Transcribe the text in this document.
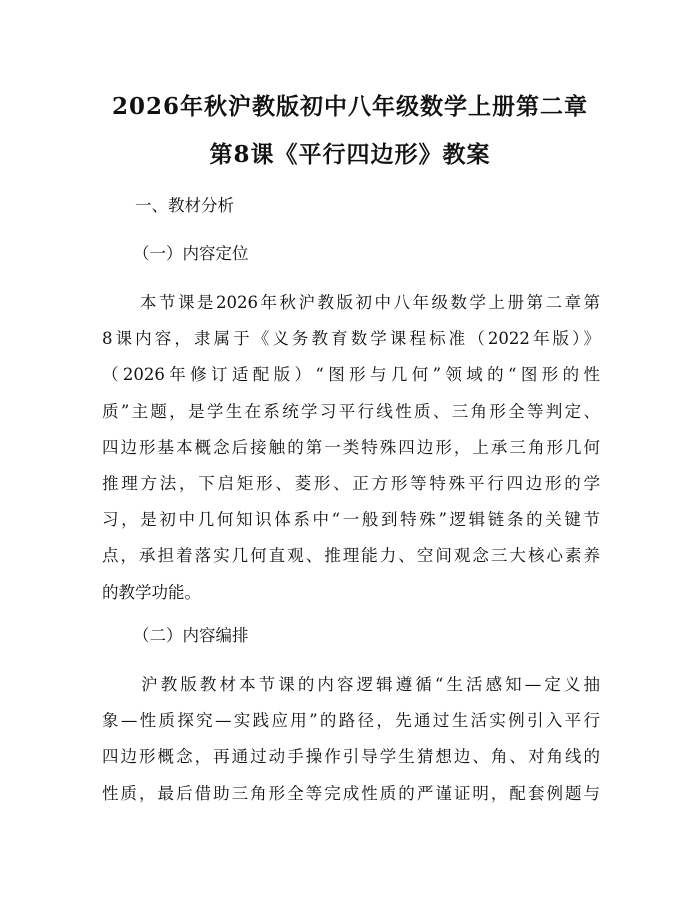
2026年秋沪教版初中八年级数学上册第二章
第8课《平行四边形》教案
一、教材分析
（一）内容定位
　　本节课是2026年秋沪教版初中八年级数学上册第二章第
8课内容，隶属于《义务教育数学课程标准（2022年版）》
（2026年修订适配版）“图形与几何”领域的“图形的性
质”主题，是学生在系统学习平行线性质、三角形全等判定、
四边形基本概念后接触的第一类特殊四边形，上承三角形几何
推理方法，下启矩形、菱形、正方形等特殊平行四边形的学
习，是初中几何知识体系中“一般到特殊”逻辑链条的关键节
点，承担着落实几何直观、推理能力、空间观念三大核心素养
的教学功能。
（二）内容编排
　　沪教版教材本节课的内容逻辑遵循“生活感知—定义抽
象—性质探究—实践应用”的路径，先通过生活实例引入平行
四边形概念，再通过动手操作引导学生猜想边、角、对角线的
性质，最后借助三角形全等完成性质的严谨证明，配套例题与
